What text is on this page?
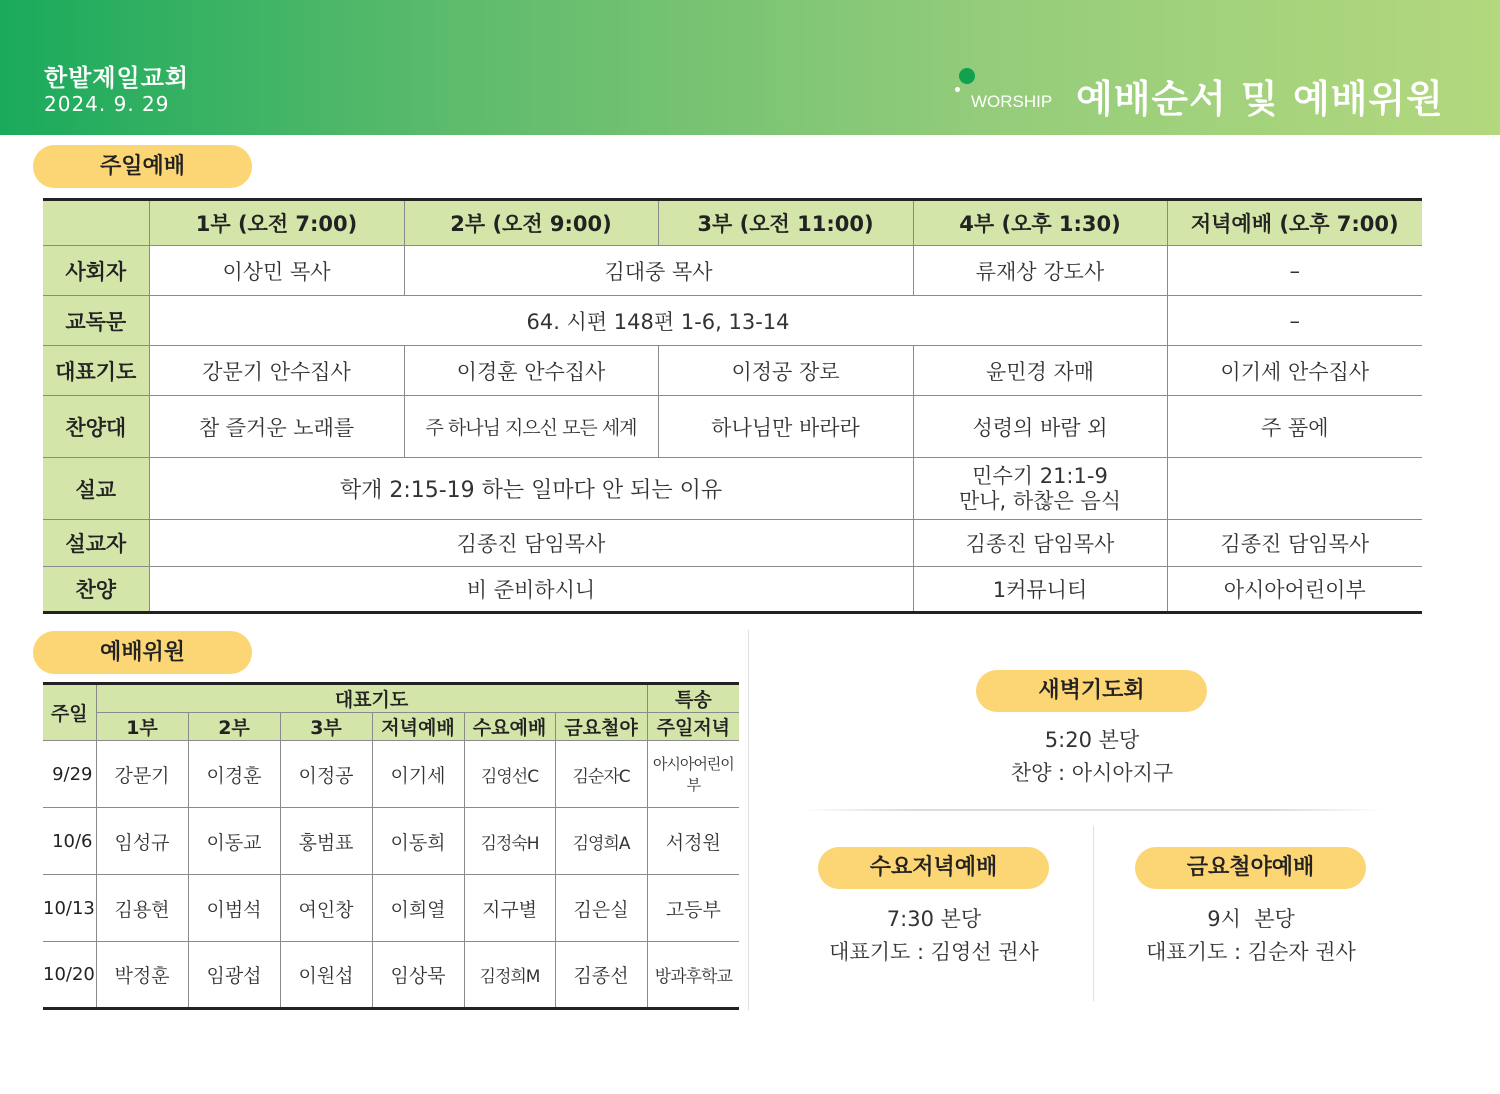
한밭제일교회
2024. 9. 29	WORSHIP 예배순서 및 예배위원
주일예배
	1부 (오전 7:00)	2부 (오전 9:00)	3부 (오전 11:00)	4부 (오후 1:30)	저녁예배 (오후 7:00)
사회자	이상민 목사	김대중 목사		류재상 강도사	–
교독문	64. 시편 148편 1-6, 13-14				–
대표기도	강문기 안수집사	이경훈 안수집사	이정공 장로	윤민경 자매	이기세 안수집사
찬양대	참 즐거운 노래를	주 하나님 지으신 모든 세계	하나님만 바라라	성령의 바람 외	주 품에
설교	학개 2:15-19 하는 일마다 안 되는 이유			민수기 21:1-9
만나, 하찮은 음식	

설교자	김종진 담임목사			김종진 담임목사	김종진 담임목사
찬양	비 준비하시니			1커뮤니티	아시아어린이부
예배위원
주일	대표기도						특송
	1부	2부	3부	저녁예배	수요예배	금요철야	주일저녁
9/29	강문기	이경훈	이정공	이기세	김영선C	김순자C	아시아어린이부
10/6	임성규	이동교	홍범표	이동희	김정숙H	김영희A	서정원
10/13	김용현	이범석	여인창	이희열	지구별	김은실	고등부
10/20	박정훈	임광섭	이원섭	임상묵	김정희M	김종선	방과후학교
새벽기도회
5:20 본당
찬양 : 아시아지구
수요저녁예배
7:30 본당
대표기도 : 김영선 권사
금요철야예배
9시  본당
대표기도 : 김순자 권사
